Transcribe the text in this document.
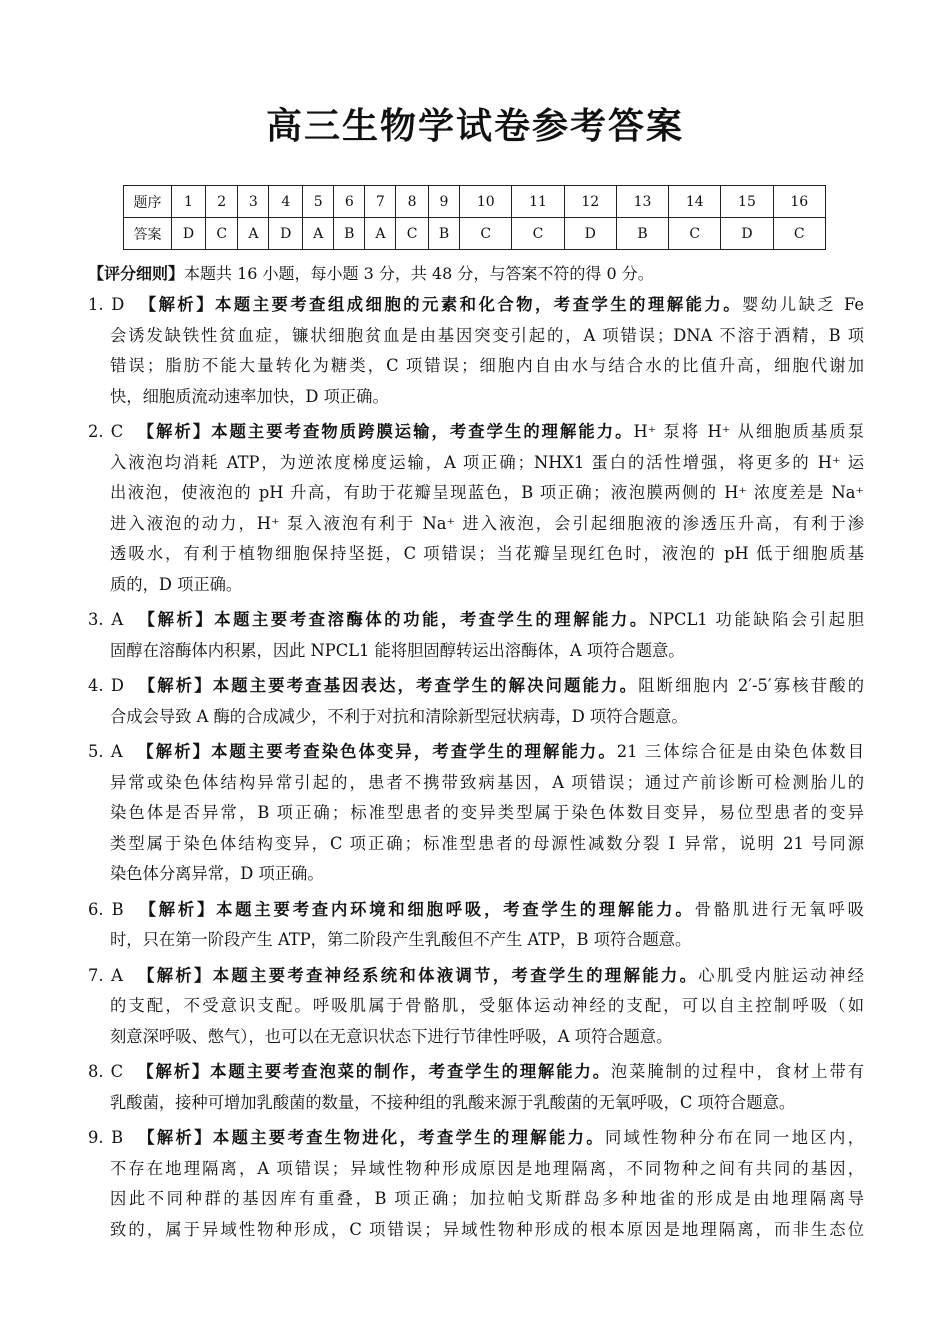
高三生物学试卷参考答案
题序	1	2	3	4	5	6	7	8	9	10	11	12	13	14	15	16
答案	D	C	A	D	A	B	A	C	B	C	C	D	B	C	D	C
【评分细则】本题共 16 小题，每小题 3 分，共 48 分，与答案不符的得 0 分。
1. D 【解析】本题主要考查组成细胞的元素和化合物，考查学生的理解能力。婴幼儿缺乏 Fe
会诱发缺铁性贫血症，镰状细胞贫血是由基因突变引起的，A 项错误；DNA 不溶于酒精，B 项
错误；脂肪不能大量转化为糖类，C 项错误；细胞内自由水与结合水的比值升高，细胞代谢加
快，细胞质流动速率加快，D 项正确。
2. C 【解析】本题主要考查物质跨膜运输，考查学生的理解能力。H⁺ 泵将 H⁺ 从细胞质基质泵
入液泡均消耗 ATP，为逆浓度梯度运输，A 项正确；NHX1 蛋白的活性增强，将更多的 H⁺ 运
出液泡，使液泡的 pH 升高，有助于花瓣呈现蓝色，B 项正确；液泡膜两侧的 H⁺ 浓度差是 Na⁺
进入液泡的动力，H⁺ 泵入液泡有利于 Na⁺ 进入液泡，会引起细胞液的渗透压升高，有利于渗
透吸水，有利于植物细胞保持坚挺，C 项错误；当花瓣呈现红色时，液泡的 pH 低于细胞质基
质的，D 项正确。
3. A 【解析】本题主要考查溶酶体的功能，考查学生的理解能力。NPCL1 功能缺陷会引起胆
固醇在溶酶体内积累，因此 NPCL1 能将胆固醇转运出溶酶体，A 项符合题意。
4. D 【解析】本题主要考查基因表达，考查学生的解决问题能力。阻断细胞内 2′-5′寡核苷酸的
合成会导致 A 酶的合成减少，不利于对抗和清除新型冠状病毒，D 项符合题意。
5. A 【解析】本题主要考查染色体变异，考查学生的理解能力。21 三体综合征是由染色体数目
异常或染色体结构异常引起的，患者不携带致病基因，A 项错误；通过产前诊断可检测胎儿的
染色体是否异常，B 项正确；标准型患者的变异类型属于染色体数目变异，易位型患者的变异
类型属于染色体结构变异，C 项正确；标准型患者的母源性减数分裂 Ⅰ 异常，说明 21 号同源
染色体分离异常，D 项正确。
6. B 【解析】本题主要考查内环境和细胞呼吸，考查学生的理解能力。骨骼肌进行无氧呼吸
时，只在第一阶段产生 ATP，第二阶段产生乳酸但不产生 ATP，B 项符合题意。
7. A 【解析】本题主要考查神经系统和体液调节，考查学生的理解能力。心肌受内脏运动神经
的支配，不受意识支配。呼吸肌属于骨骼肌，受躯体运动神经的支配，可以自主控制呼吸（如
刻意深呼吸、憋气），也可以在无意识状态下进行节律性呼吸，A 项符合题意。
8. C 【解析】本题主要考查泡菜的制作，考查学生的理解能力。泡菜腌制的过程中，食材上带有
乳酸菌，接种可增加乳酸菌的数量，不接种组的乳酸来源于乳酸菌的无氧呼吸，C 项符合题意。
9. B 【解析】本题主要考查生物进化，考查学生的理解能力。同域性物种分布在同一地区内，
不存在地理隔离，A 项错误；异域性物种形成原因是地理隔离，不同物种之间有共同的基因，
因此不同种群的基因库有重叠，B 项正确；加拉帕戈斯群岛多种地雀的形成是由地理隔离导
致的，属于异域性物种形成，C 项错误；异域性物种形成的根本原因是地理隔离，而非生态位
